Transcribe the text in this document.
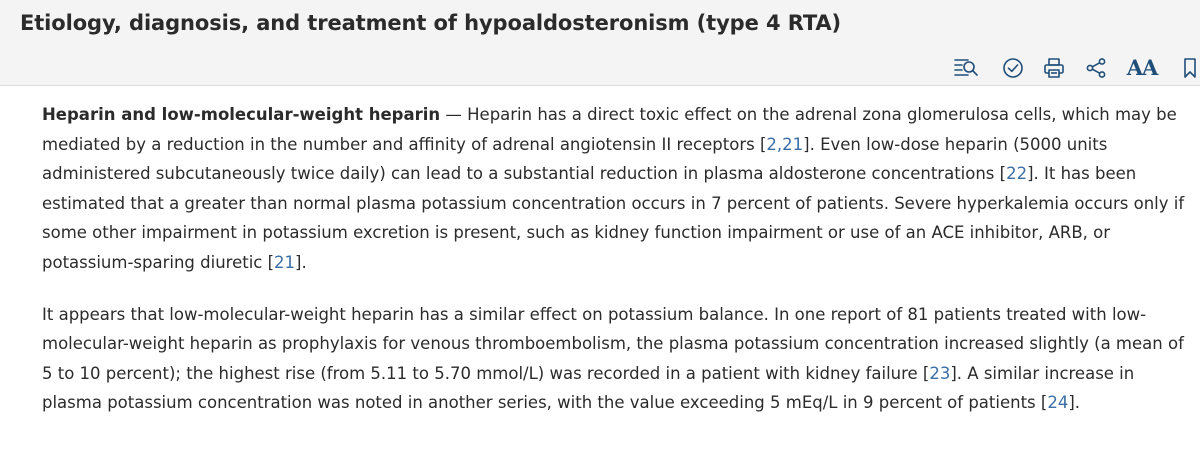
Etiology, diagnosis, and treatment of hypoaldosteronism (type 4 RTA)
AA

Heparin and low-molecular-weight heparin — Heparin has a direct toxic effect on the adrenal zona glomerulosa cells, which may be mediated by a reduction in the number and affinity of adrenal angiotensin II receptors [2,21]. Even low-dose heparin (5000 units administered subcutaneously twice daily) can lead to a substantial reduction in plasma aldosterone concentrations [22]. It has been estimated that a greater than normal plasma potassium concentration occurs in 7 percent of patients. Severe hyperkalemia occurs only if some other impairment in potassium excretion is present, such as kidney function impairment or use of an ACE inhibitor, ARB, or potassium-sparing diuretic [21].

It appears that low-molecular-weight heparin has a similar effect on potassium balance. In one report of 81 patients treated with low-molecular-weight heparin as prophylaxis for venous thromboembolism, the plasma potassium concentration increased slightly (a mean of 5 to 10 percent); the highest rise (from 5.11 to 5.70 mmol/L) was recorded in a patient with kidney failure [23]. A similar increase in plasma potassium concentration was noted in another series, with the value exceeding 5 mEq/L in 9 percent of patients [24].
